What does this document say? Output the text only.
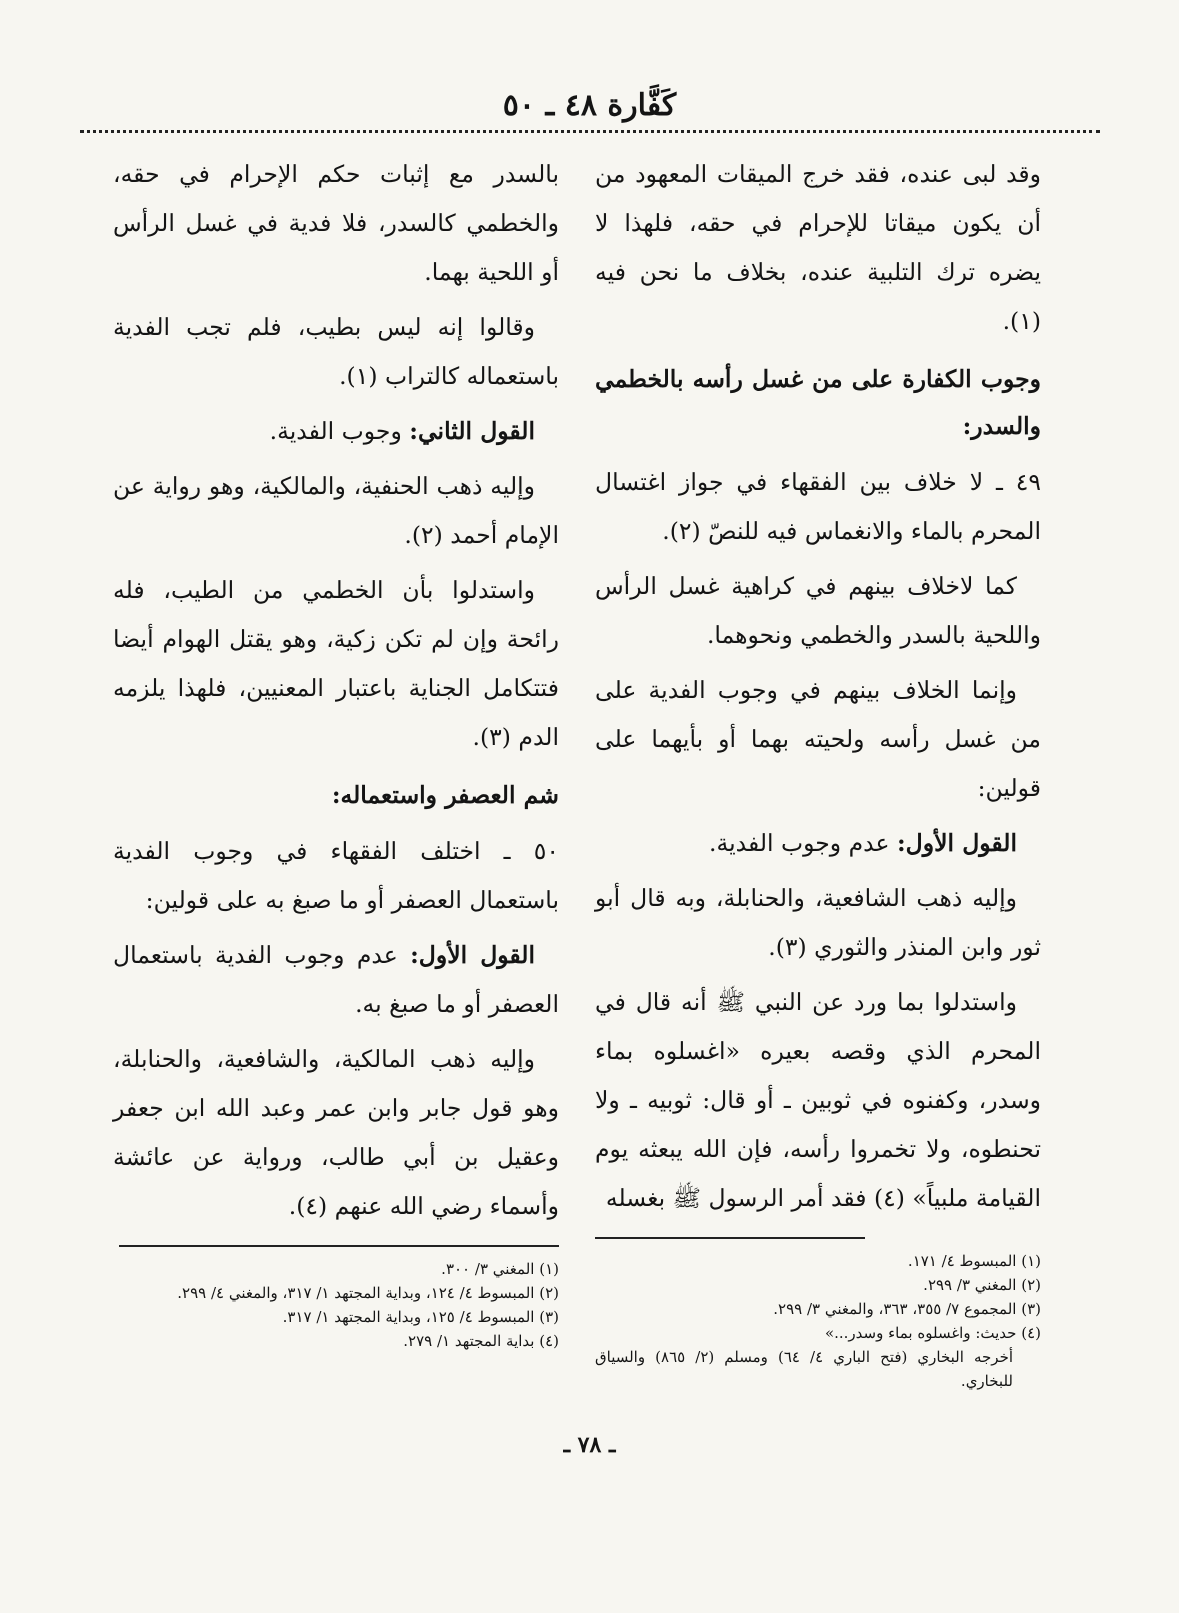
كَفَّارة ٤٨ ـ ٥٠

وقد لبى عنده، فقد خرج الميقات المعهود من أن يكون ميقاتا للإحرام في حقه، فلهذا لا يضره ترك التلبية عنده، بخلاف ما نحن فيه (١).

وجوب الكفارة على من غسل رأسه بالخطمي والسدر:

٤٩ ـ لا خلاف بين الفقهاء في جواز اغتسال المحرم بالماء والانغماس فيه للنصّ (٢).

كما لاخلاف بينهم في كراهية غسل الرأس واللحية بالسدر والخطمي ونحوهما.

وإنما الخلاف بينهم في وجوب الفدية على من غسل رأسه ولحيته بهما أو بأيهما على قولين:

القول الأول: عدم وجوب الفدية.

وإليه ذهب الشافعية، والحنابلة، وبه قال أبو ثور وابن المنذر والثوري (٣).

واستدلوا بما ورد عن النبي ﷺ أنه قال في المحرم الذي وقصه بعيره «اغسلوه بماء وسدر، وكفنوه في ثوبين ـ أو قال: ثوبيه ـ ولا تحنطوه، ولا تخمروا رأسه، فإن الله يبعثه يوم القيامة ملبياً» (٤) فقد أمر الرسول ﷺ بغسله

(١) المبسوط ٤/ ١٧١.
(٢) المغني ٣/ ٢٩٩.
(٣) المجموع ٧/ ٣٥٥، ٣٦٣، والمغني ٣/ ٢٩٩.
(٤) حديث: واغسلوه بماء وسدر...»
أخرجه البخاري (فتح الباري ٤/ ٦٤) ومسلم (٢/ ٨٦٥) والسياق للبخاري.

بالسدر مع إثبات حكم الإحرام في حقه، والخطمي كالسدر، فلا فدية في غسل الرأس أو اللحية بهما.

وقالوا إنه ليس بطيب، فلم تجب الفدية باستعماله كالتراب (١).

القول الثاني: وجوب الفدية.

وإليه ذهب الحنفية، والمالكية، وهو رواية عن الإمام أحمد (٢).

واستدلوا بأن الخطمي من الطيب، فله رائحة وإن لم تكن زكية، وهو يقتل الهوام أيضا فتتكامل الجناية باعتبار المعنيين، فلهذا يلزمه الدم (٣).

شم العصفر واستعماله:

٥٠ ـ اختلف الفقهاء في وجوب الفدية باستعمال العصفر أو ما صبغ به على قولين:

القول الأول: عدم وجوب الفدية باستعمال العصفر أو ما صبغ به.

وإليه ذهب المالكية، والشافعية، والحنابلة، وهو قول جابر وابن عمر وعبد الله ابن جعفر وعقيل بن أبي طالب، ورواية عن عائشة وأسماء رضي الله عنهم (٤).

(١) المغني ٣/ ٣٠٠.
(٢) المبسوط ٤/ ١٢٤، وبداية المجتهد ١/ ٣١٧، والمغني ٤/ ٢٩٩.
(٣) المبسوط ٤/ ١٢٥، وبداية المجتهد ١/ ٣١٧.
(٤) بداية المجتهد ١/ ٢٧٩.
ـ ٧٨ ـ
